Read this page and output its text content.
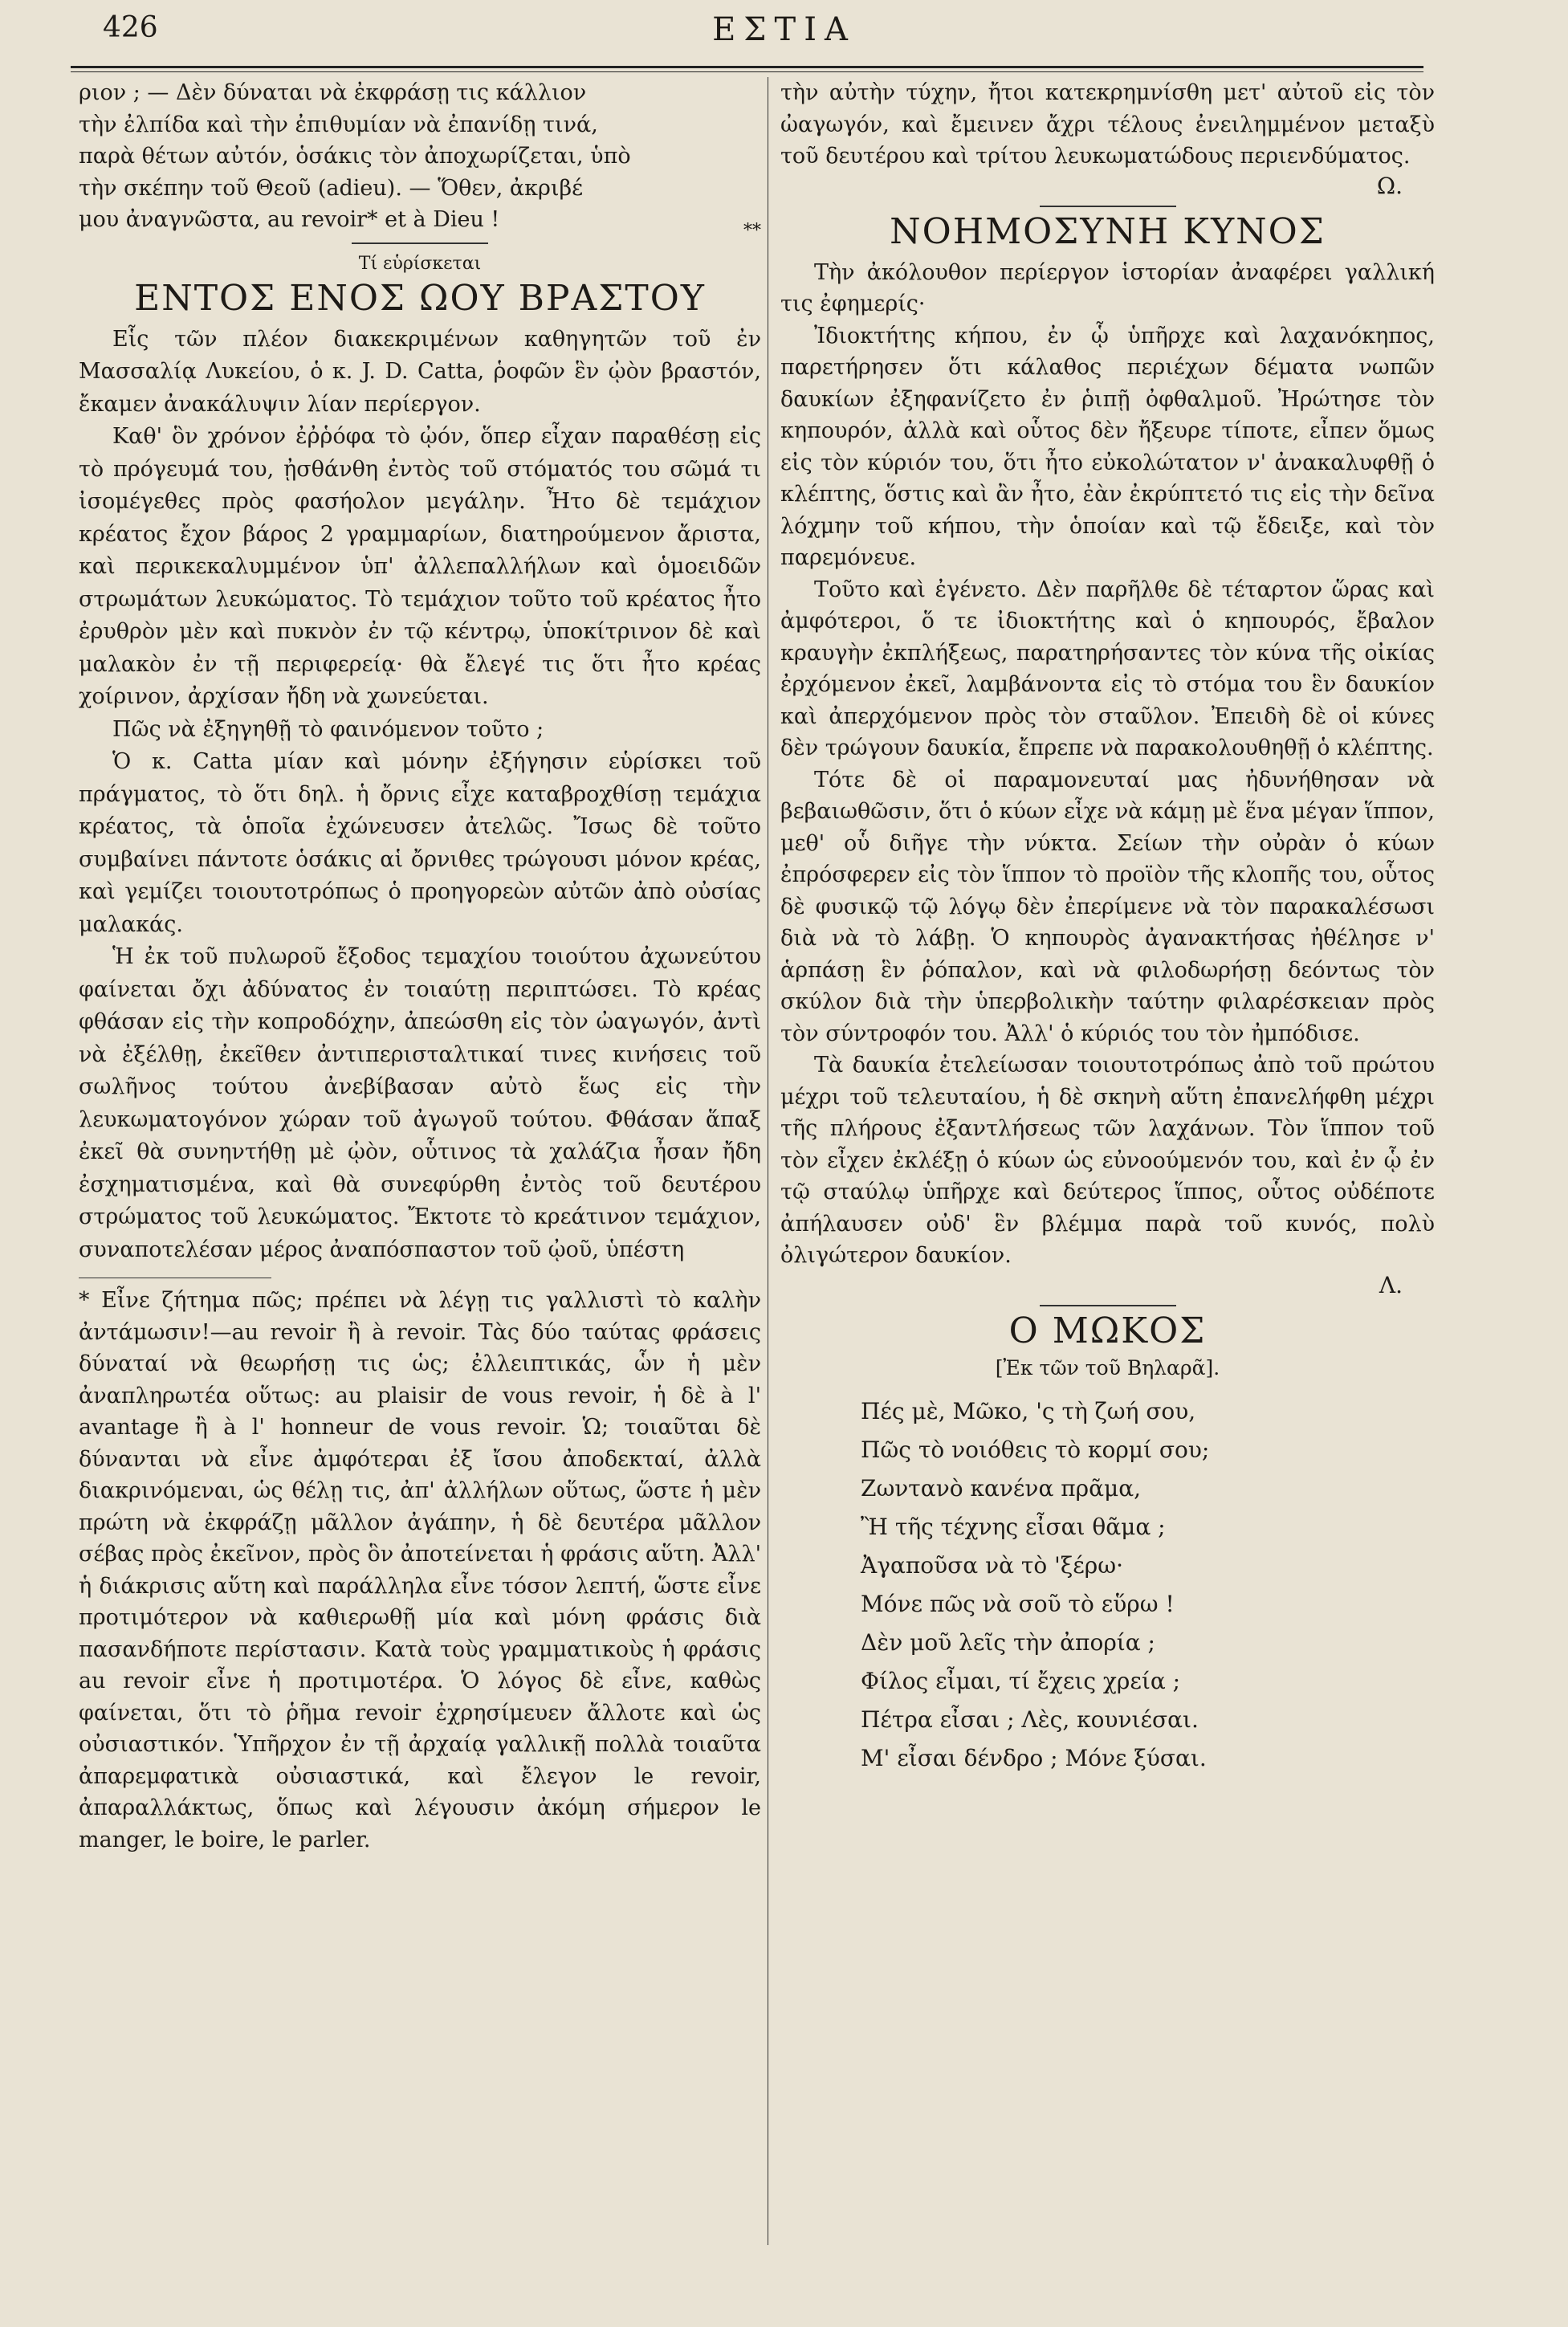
426	ΕΣΤΙΑ

ριον ; — Δὲν δύναται νὰ ἐκφράσῃ τις κάλλιον

τὴν ἐλπίδα καὶ τὴν ἐπιθυμίαν νὰ ἐπανίδῃ τινά,

παρὰ θέτων αὐτόν, ὁσάκις τὸν ἀποχωρίζεται, ὑπὸ

τὴν σκέπην τοῦ Θεοῦ (adieu). — Ὅθεν, ἀκριβέ

**
μου ἀναγνῶστα, au revoir* et à Dieu !

Τί εὑρίσκεται
ΕΝΤΟΣ ΕΝΟΣ ΩΟΥ ΒΡΑΣΤΟΥ

Εἷς τῶν πλέον διακεκριμένων καθηγητῶν τοῦ ἐν Μασσαλίᾳ Λυκείου, ὁ κ. J. D. Catta, ῥοφῶν ἓν ᾠὸν βραστόν, ἔκαμεν ἀνακάλυψιν λίαν περίεργον.

Καθ' ὃν χρόνον ἐῤῥόφα τὸ ᾠόν, ὅπερ εἶχαν παραθέσῃ εἰς τὸ πρόγευμά του, ᾐσθάνθη ἐντὸς τοῦ στόματός του σῶμά τι ἰσομέγεθες πρὸς φασήολον μεγάλην. Ἦτο δὲ τεμάχιον κρέατος ἔχον βάρος 2 γραμμαρίων, διατηρούμενον ἄριστα, καὶ περικεκαλυμμένον ὑπ' ἀλλεπαλλήλων καὶ ὁμοειδῶν στρωμάτων λευκώματος. Τὸ τεμάχιον τοῦτο τοῦ κρέατος ἦτο ἐρυθρὸν μὲν καὶ πυκνὸν ἐν τῷ κέντρῳ, ὑποκίτρινον δὲ καὶ μαλακὸν ἐν τῇ περιφερείᾳ· θὰ ἔλεγέ τις ὅτι ἦτο κρέας χοίρινον, ἀρχίσαν ἤδη νὰ χωνεύεται.

Πῶς νὰ ἐξηγηθῇ τὸ φαινόμενον τοῦτο ;

Ὁ κ. Catta μίαν καὶ μόνην ἐξήγησιν εὑρίσκει τοῦ πράγματος, τὸ ὅτι δηλ. ἡ ὄρνις εἶχε καταβροχθίσῃ τεμάχια κρέατος, τὰ ὁποῖα ἐχώνευσεν ἀτελῶς. Ἴσως δὲ τοῦτο συμβαίνει πάντοτε ὁσάκις αἱ ὄρνιθες τρώγουσι μόνον κρέας, καὶ γεμίζει τοιουτοτρόπως ὁ προηγορεὼν αὐτῶν ἀπὸ οὐσίας μαλακάς.

Ἡ ἐκ τοῦ πυλωροῦ ἔξοδος τεμαχίου τοιούτου ἀχωνεύτου φαίνεται ὄχι ἀδύνατος ἐν τοιαύτῃ περιπτώσει. Τὸ κρέας φθάσαν εἰς τὴν κοπροδόχην, ἀπεώσθη εἰς τὸν ὠαγωγόν, ἀντὶ νὰ ἐξέλθῃ, ἐκεῖθεν ἀντιπερισταλτικαί τινες κινήσεις τοῦ σωλῆνος τούτου ἀνεβίβασαν αὐτὸ ἕως εἰς τὴν λευκωματογόνον χώραν τοῦ ἀγωγοῦ τούτου. Φθάσαν ἅπαξ ἐκεῖ θὰ συνηντήθῃ μὲ ᾠὸν, οὗτινος τὰ χαλάζια ἦσαν ἤδη ἐσχηματισμένα, καὶ θὰ συνεφύρθη ἐντὸς τοῦ δευτέρου στρώματος τοῦ λευκώματος. Ἔκτοτε τὸ κρεάτινον τεμάχιον, συναποτελέσαν μέρος ἀναπόσπαστον τοῦ ᾠοῦ, ὑπέστη

* Εἶνε ζήτημα πῶς; πρέπει νὰ λέγῃ τις γαλλιστὶ τὸ καλὴν ἀντάμωσιν!—au revoir ἢ à revoir. Τὰς δύο ταύτας φράσεις δύναταί νὰ θεωρήσῃ τις ὡς; ἐλλειπτικάς, ὧν ἡ μὲν ἀναπληρωτέα οὕτως: au plaisir de vous revoir, ἡ δὲ à l' avantage ἢ à l' honneur de vous revoir. Ὡ; τοιαῦται δὲ δύνανται νὰ εἶνε ἀμφότεραι ἐξ ἴσου ἀποδεκταί, ἀλλὰ διακρινόμεναι, ὡς θέλῃ τις, ἀπ' ἀλλήλων οὕτως, ὥστε ἡ μὲν πρώτη νὰ ἐκφράζῃ μᾶλλον ἀγάπην, ἡ δὲ δευτέρα μᾶλλον σέβας πρὸς ἐκεῖνον, πρὸς ὃν ἀποτείνεται ἡ φράσις αὕτη. Ἀλλ' ἡ διάκρισις αὕτη καὶ παράλληλα εἶνε τόσον λεπτή, ὥστε εἶνε προτιμότερον νὰ καθιερωθῇ μία καὶ μόνη φράσις διὰ πασανδήποτε περίστασιν. Κατὰ τοὺς γραμματικοὺς ἡ φράσις au revoir εἶνε ἡ προτιμοτέρα. Ὁ λόγος δὲ εἶνε, καθὼς φαίνεται, ὅτι τὸ ῥῆμα revoir ἐχρησίμευεν ἄλλοτε καὶ ὡς οὐσιαστικόν. Ὑπῆρχον ἐν τῇ ἀρχαίᾳ γαλλικῇ πολλὰ τοιαῦτα ἀπαρεμφατικὰ οὐσιαστικά, καὶ ἔλεγον le revoir, ἀπαραλλάκτως, ὅπως καὶ λέγουσιν ἀκόμη σήμερον le manger, le boire, le parler.

τὴν αὐτὴν τύχην, ἤτοι κατεκρημνίσθη μετ' αὐτοῦ εἰς τὸν ὠαγωγόν, καὶ ἔμεινεν ἄχρι τέλους ἐνειλημμένον μεταξὺ τοῦ δευτέρου καὶ τρίτου λευκωματώδους περιενδύματος.

Ω.
ΝΟΗΜΟΣΥΝΗ ΚΥΝΟΣ

Τὴν ἀκόλουθον περίεργον ἱστορίαν ἀναφέρει γαλλική τις ἐφημερίς·

Ἰδιοκτήτης κήπου, ἐν ᾧ ὑπῆρχε καὶ λαχανόκηπος, παρετήρησεν ὅτι κάλαθος περιέχων δέματα νωπῶν δαυκίων ἐξηφανίζετο ἐν ῥιπῇ ὀφθαλμοῦ. Ἠρώτησε τὸν κηπουρόν, ἀλλὰ καὶ οὗτος δὲν ἤξευρε τίποτε, εἶπεν ὅμως εἰς τὸν κύριόν του, ὅτι ἦτο εὐκολώτατον ν' ἀνακαλυφθῇ ὁ κλέπτης, ὅστις καὶ ἂν ἦτο, ἐὰν ἐκρύπτετό τις εἰς τὴν δεῖνα λόχμην τοῦ κήπου, τὴν ὁποίαν καὶ τῷ ἔδειξε, καὶ τὸν παρεμόνευε.

Τοῦτο καὶ ἐγένετο. Δὲν παρῆλθε δὲ τέταρτον ὥρας καὶ ἀμφότεροι, ὅ τε ἰδιοκτήτης καὶ ὁ κηπουρός, ἔβαλον κραυγὴν ἐκπλήξεως, παρατηρήσαντες τὸν κύνα τῆς οἰκίας ἐρχόμενον ἐκεῖ, λαμβάνοντα εἰς τὸ στόμα του ἓν δαυκίον καὶ ἀπερχόμενον πρὸς τὸν σταῦλον. Ἐπειδὴ δὲ οἱ κύνες δὲν τρώγουν δαυκία, ἔπρεπε νὰ παρακολουθηθῇ ὁ κλέπτης.

Τότε δὲ οἱ παραμονευταί μας ἠδυνήθησαν νὰ βεβαιωθῶσιν, ὅτι ὁ κύων εἶχε νὰ κάμῃ μὲ ἕνα μέγαν ἵππον, μεθ' οὗ διῆγε τὴν νύκτα. Σείων τὴν οὐρὰν ὁ κύων ἐπρόσφερεν εἰς τὸν ἵππον τὸ προϊὸν τῆς κλοπῆς του, οὗτος δὲ φυσικῷ τῷ λόγῳ δὲν ἐπερίμενε νὰ τὸν παρακαλέσωσι διὰ νὰ τὸ λάβῃ. Ὁ κηπουρὸς ἀγανακτήσας ἠθέλησε ν' ἁρπάσῃ ἓν ῥόπαλον, καὶ νὰ φιλοδωρήσῃ δεόντως τὸν σκύλον διὰ τὴν ὑπερβολικὴν ταύτην φιλαρέσκειαν πρὸς τὸν σύντροφόν του. Ἀλλ' ὁ κύριός του τὸν ἠμπόδισε.

Τὰ δαυκία ἐτελείωσαν τοιουτοτρόπως ἀπὸ τοῦ πρώτου μέχρι τοῦ τελευταίου, ἡ δὲ σκηνὴ αὕτη ἐπανελήφθη μέχρι τῆς πλήρους ἐξαντλήσεως τῶν λαχάνων. Τὸν ἵππον τοῦ τὸν εἶχεν ἐκλέξῃ ὁ κύων ὡς εὐνοούμενόν του, καὶ ἐν ᾧ ἐν τῷ σταύλῳ ὑπῆρχε καὶ δεύτερος ἵππος, οὗτος οὐδέποτε ἀπήλαυσεν οὐδ' ἓν βλέμμα παρὰ τοῦ κυνός, πολὺ ὀλιγώτερον δαυκίον.

Λ.
Ο ΜΩΚΟΣ
[Ἐκ τῶν τοῦ Βηλαρᾶ].
Πές μὲ, Μῶκο, 'ς τὴ ζωή σου,
Πῶς τὸ νοιόθεις τὸ κορμί σου;
Ζωντανὸ κανένα πρᾶμα,
Ἢ τῆς τέχνης εἶσαι θᾶμα ;
Ἀγαποῦσα νὰ τὸ 'ξέρω·
Μόνε πῶς νὰ σοῦ τὸ εὕρω !
Δὲν μοῦ λεῖς τὴν ἀπορία ;
Φίλος εἶμαι, τί ἔχεις χρεία ;
Πέτρα εἶσαι ; Λὲς, κουνιέσαι.
Μ' εἶσαι δένδρο ; Μόνε ξύσαι.
